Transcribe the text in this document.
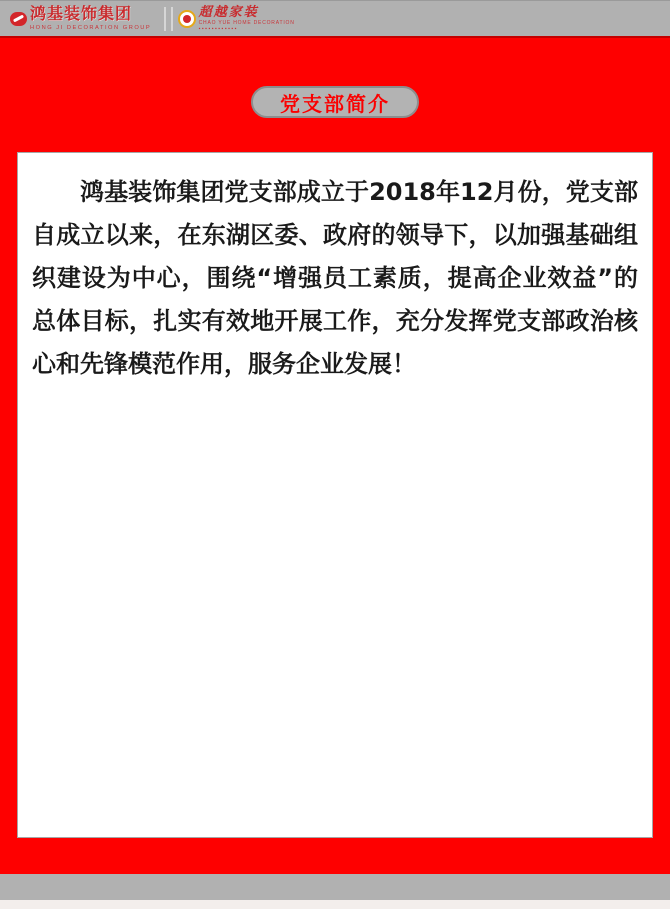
鸿基装饰集团
HONG JI DECORATION GROUP
超越家装
CHAO YUE HOME DECORATION
▪▪▪▪▪▪▪▪▪▪▪▪
党支部简介

鸿基装饰集团党支部成立于2018年12月份，党支部自成立以来，在东湖区委、政府的领导下，以加强基础组织建设为中心，围绕“增强员工素质，提高企业效益”的总体目标，扎实有效地开展工作，充分发挥党支部政治核心和先锋模范作用，服务企业发展！
